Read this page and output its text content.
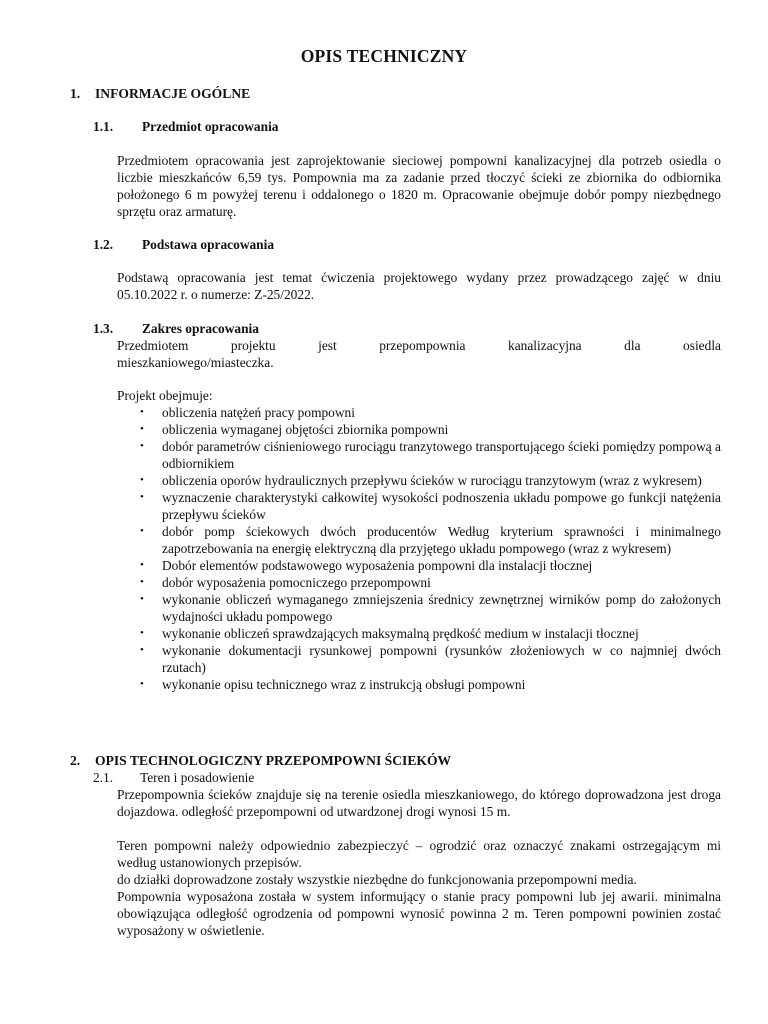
OPIS TECHNICZNY
1. INFORMACJE OGÓLNE
1.1. Przedmiot opracowania
Przedmiotem opracowania jest zaprojektowanie sieciowej pompowni kanalizacyjnej dla potrzeb osiedla o liczbie mieszkańców 6,59 tys. Pompownia ma za zadanie przed tłoczyć ścieki ze zbiornika do odbiornika położonego 6 m powyżej terenu i oddalonego o 1820 m. Opracowanie obejmuje dobór pompy niezbędnego sprzętu oraz armaturę.
1.2. Podstawa opracowania
Podstawą opracowania jest temat ćwiczenia projektowego wydany przez prowadzącego zajęć w dniu 05.10.2022 r. o numerze: Z-25/2022.
1.3. Zakres opracowania
Przedmiotem projektu jest przepompownia kanalizacyjna dla osiedla
mieszkaniowego/miasteczka.
Projekt obejmuje:
• obliczenia natężeń pracy pompowni
• obliczenia wymaganej objętości zbiornika pompowni
• dobór parametrów ciśnieniowego rurociągu tranzytowego transportującego ścieki pomiędzy pompową a odbiornikiem
• obliczenia oporów hydraulicznych przepływu ścieków w rurociągu tranzytowym (wraz z wykresem)
• wyznaczenie charakterystyki całkowitej wysokości podnoszenia układu pompowe go funkcji natężenia przepływu ścieków
• dobór pomp ściekowych dwóch producentów Według kryterium sprawności i minimalnego zapotrzebowania na energię elektryczną dla przyjętego układu pompowego (wraz z wykresem)
• Dobór elementów podstawowego wyposażenia pompowni dla instalacji tłocznej
• dobór wyposażenia pomocniczego przepompowni
• wykonanie obliczeń wymaganego zmniejszenia średnicy zewnętrznej wirników pomp do założonych wydajności układu pompowego
• wykonanie obliczeń sprawdzających maksymalną prędkość medium w instalacji tłocznej
• wykonanie dokumentacji rysunkowej pompowni (rysunków złożeniowych w co najmniej dwóch rzutach)
• wykonanie opisu technicznego wraz z instrukcją obsługi pompowni
2. OPIS TECHNOLOGICZNY PRZEPOMPOWNI ŚCIEKÓW
2.1. Teren i posadowienie
Przepompownia ścieków znajduje się na terenie osiedla mieszkaniowego, do którego doprowadzona jest droga dojazdowa. odległość przepompowni od utwardzonej drogi wynosi 15 m.
Teren pompowni należy odpowiednio zabezpieczyć – ogrodzić oraz oznaczyć znakami ostrzegającym mi według ustanowionych przepisów.
do działki doprowadzone zostały wszystkie niezbędne do funkcjonowania przepompowni media.
Pompownia wyposażona została w system informujący o stanie pracy pompowni lub jej awarii. minimalna obowiązująca odległość ogrodzenia od pompowni wynosić powinna 2 m. Teren pompowni powinien zostać wyposażony w oświetlenie.
